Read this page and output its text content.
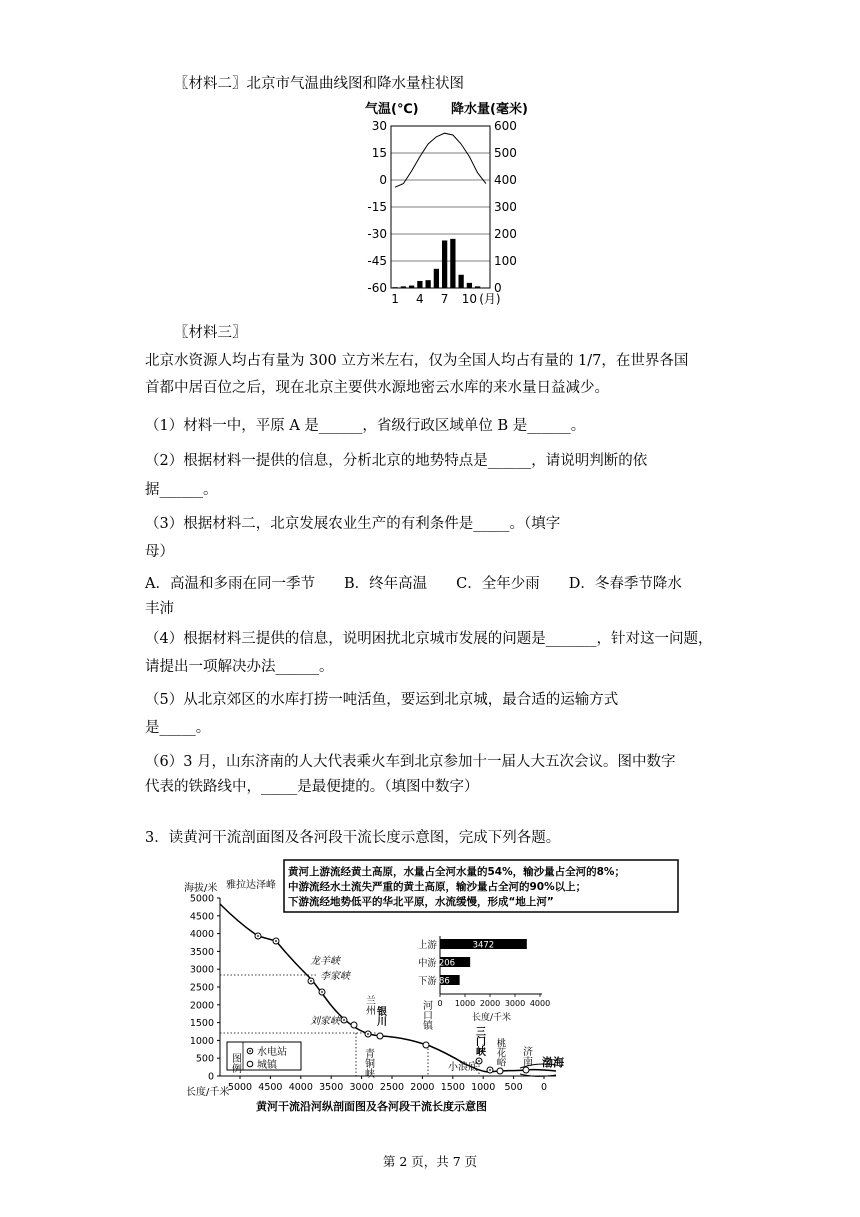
〖材料二〗北京市气温曲线图和降水量柱状图
气温(℃) 降水量(毫米)
30	600
15	500
0	400
-15	300
-30	200
-45	100
-60	0
1 4 7 10 (月)
〖材料三〗
北京水资源人均占有量为 300 立方米左右，仅为全国人均占有量的 1/7，在世界各国
首都中居百位之后，现在北京主要供水源地密云水库的来水量日益减少。
（1）材料一中，平原 A 是______，省级行政区域单位 B 是______。
（2）根据材料一提供的信息，分析北京的地势特点是______，请说明判断的依
据______。
（3）根据材料二，北京发展农业生产的有利条件是_____。（填字
母）
A．高温和多雨在同一季节　　B．终年高温　　C．全年少雨　　D．冬春季节降水
丰沛
（4）根据材料三提供的信息，说明困扰北京城市发展的问题是_______，针对这一问题，
请提出一项解决办法______。
（5）从北京郊区的水库打捞一吨活鱼，要运到北京城，最合适的运输方式
是_____。
（6）3 月，山东济南的人大代表乘火车到北京参加十一届人大五次会议。图中数字
代表的铁路线中，_____是最便捷的。（填图中数字）
3．读黄河干流剖面图及各河段干流长度示意图，完成下列各题。
黄河上游流经黄土高原，水量占全河水量的54%，输沙量占全河的8%；
中游流经水土流失严重的黄土高原，输沙量占全河的90%以上；
下游流经地势低平的华北平原，水流缓慢，形成“地上河”
海拔/米 雅拉达泽峰
5000
4500
4000
3500
3000
2500
2000
1500
1000
500
0
5000 4500 4000 3500 3000 2500 2000 1500 1000 500 0
长度/千米
龙羊峡
李家峡
刘家峡
兰州
银川
青铜峡
河口镇
三门峡
小浪底
桃花峪 济南 渤海
图例
水电站
城镇
上游	3472
中游
1206
下游
786
0 1000 2000 3000 4000
长度/千米
黄河干流沿河纵剖面图及各河段干流长度示意图
第 2 页，共 7 页
